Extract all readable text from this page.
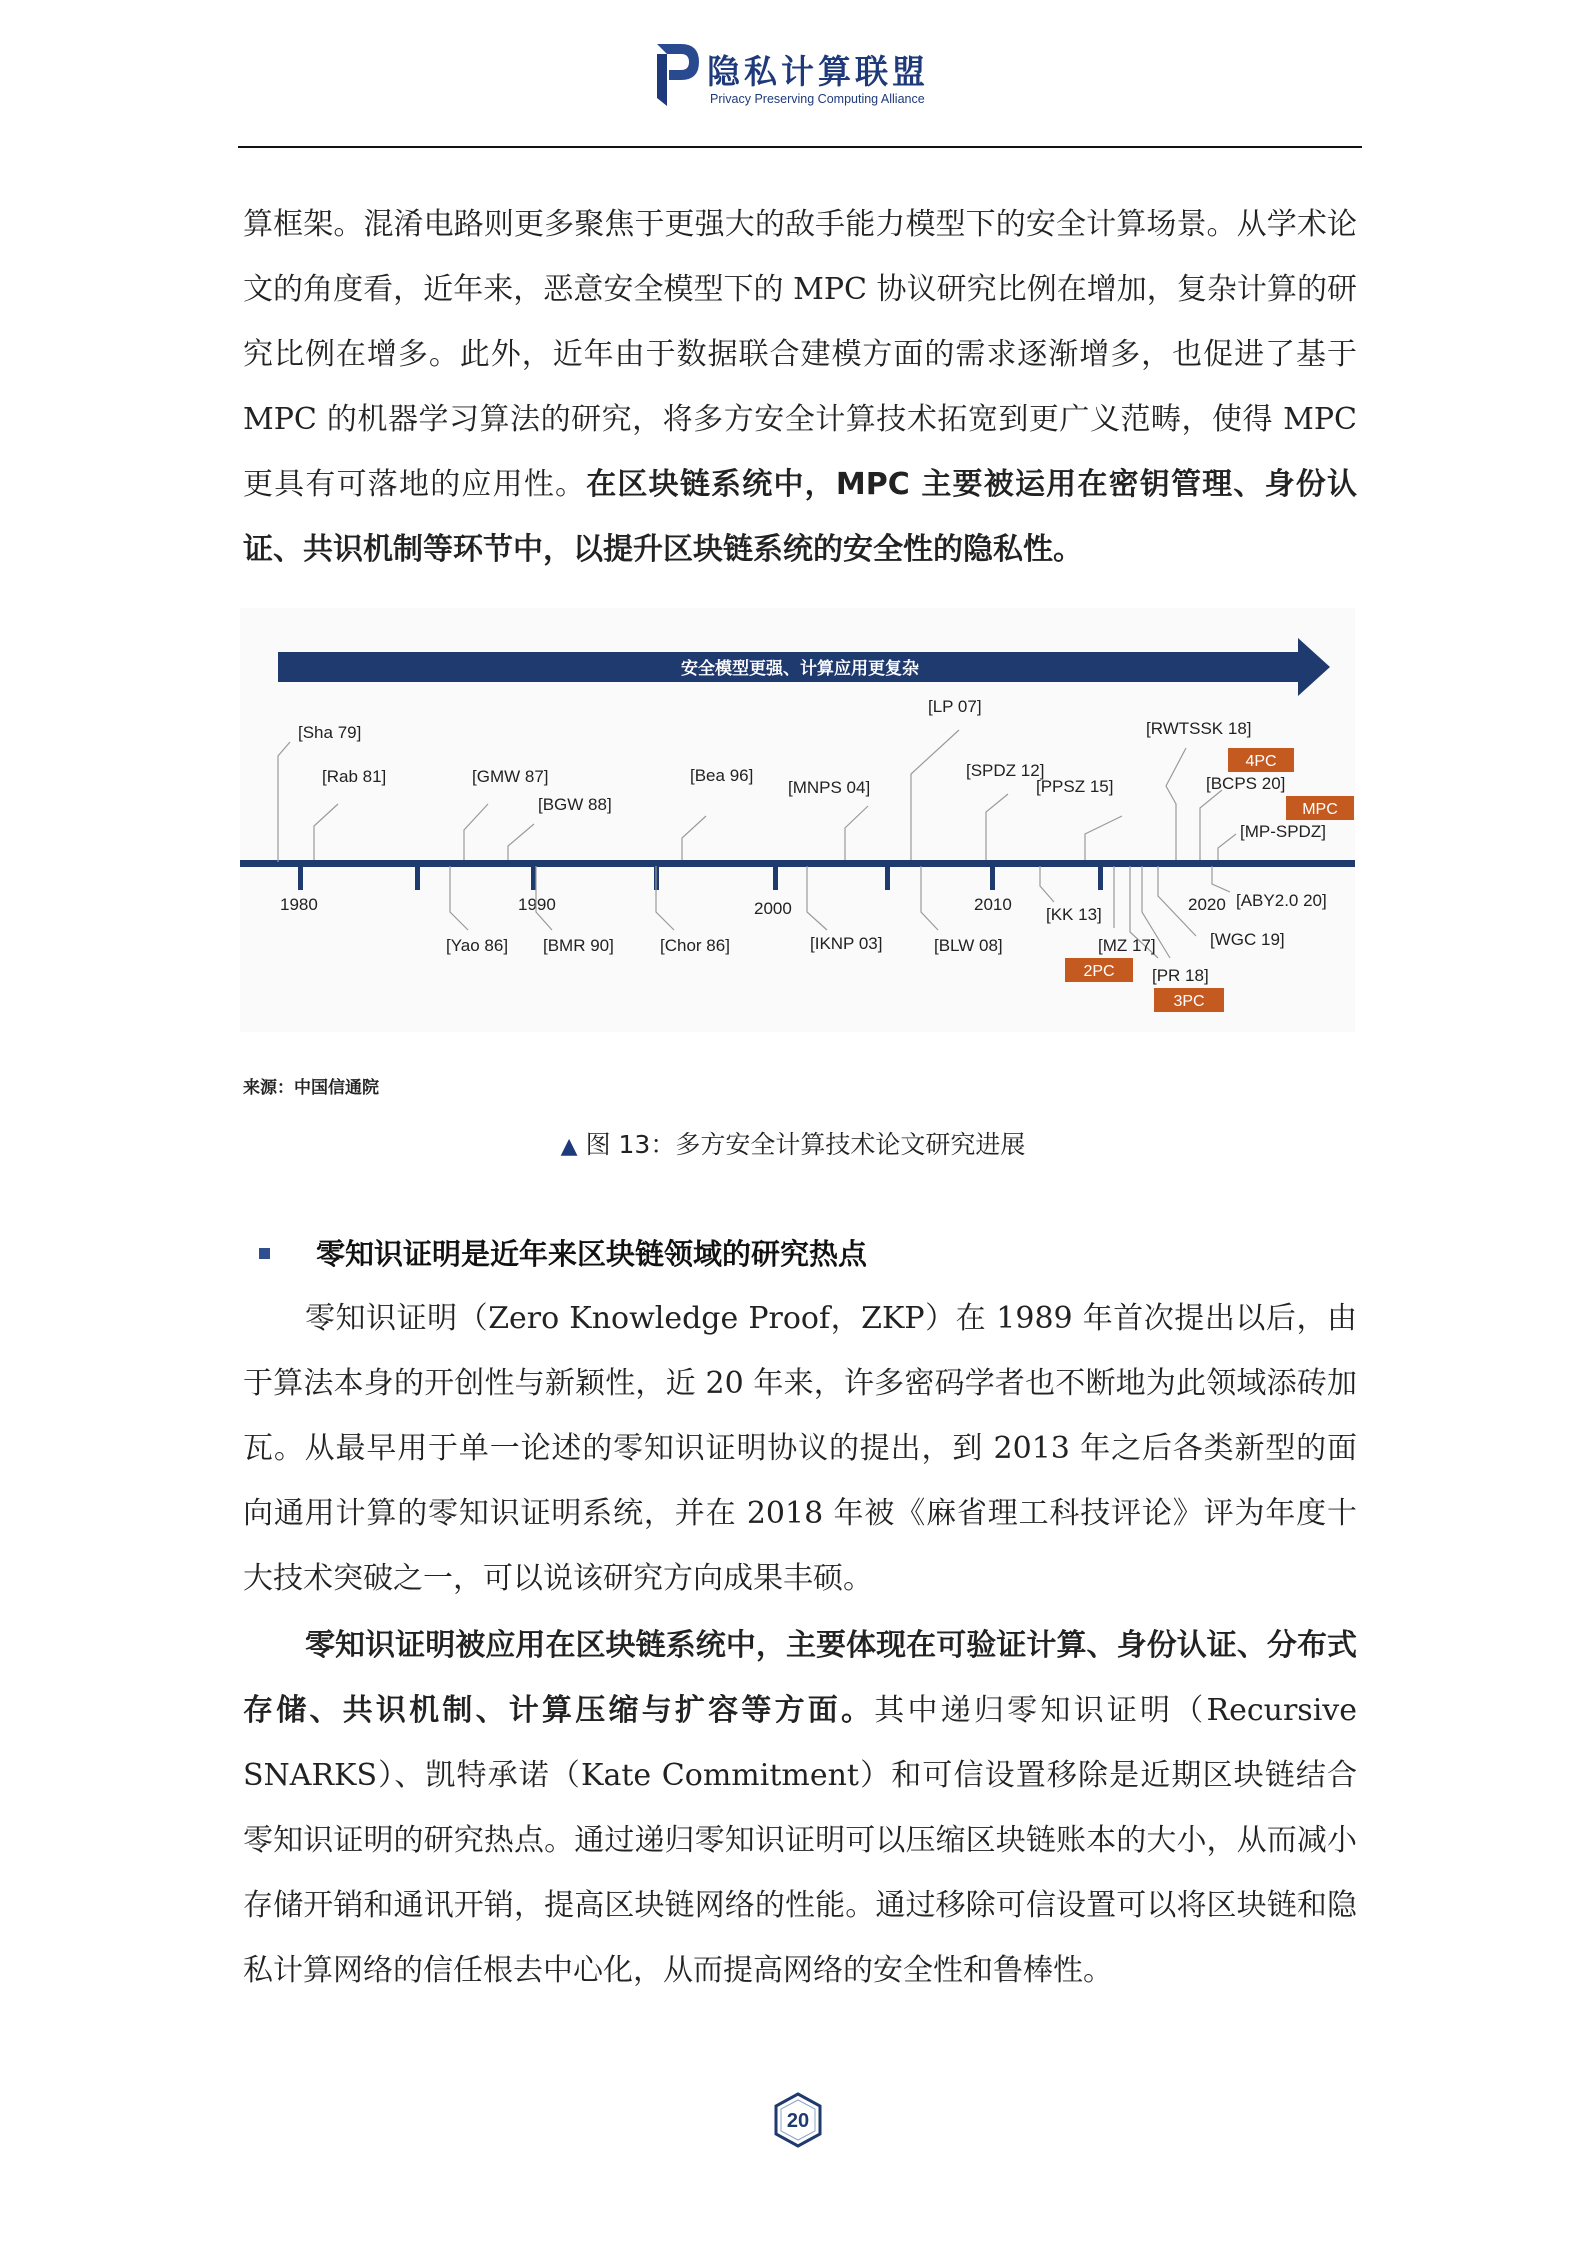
隐私计算联盟
Privacy Preserving Computing Alliance

算框架。混淆电路则更多聚焦于更强大的敌手能力模型下的安全计算场景。从学术论文的角度看，近年来，恶意安全模型下的 MPC 协议研究比例在增加，复杂计算的研究比例在增多。此外，近年由于数据联合建模方面的需求逐渐增多，也促进了基于 MPC 的机器学习算法的研究，将多方安全计算技术拓宽到更广义范畴，使得 MPC 更具有可落地的应用性。在区块链系统中，MPC 主要被运用在密钥管理、身份认证、共识机制等环节中，以提升区块链系统的安全性的隐私性。

安全模型更强、计算应用更复杂
1980	1990	2000	2010	2020
[Sha 79]
[Rab 81]	[GMW 87]
[BGW 88]
[Bea 96]
[MNPS 04]
[LP 07]
[SPDZ 12]
[PPSZ 15]
[RWTSSK 18]
[BCPS 20]
[MP-SPDZ]
[Yao 86] [BMR 90]	[Chor 86]	[IKNP 03]	[BLW 08]
[KK 13]
[MZ 17]
[PR 18]
[WGC 19]
[ABY2.0 20]
4PC
MPC
2PC
3PC
来源：中国信通院
▲ 图 13：多方安全计算技术论文研究进展
零知识证明是近年来区块链领域的研究热点

零知识证明（Zero Knowledge Proof，ZKP）在 1989 年首次提出以后，由于算法本身的开创性与新颖性，近 20 年来，许多密码学者也不断地为此领域添砖加瓦。从最早用于单一论述的零知识证明协议的提出，到 2013 年之后各类新型的面向通用计算的零知识证明系统，并在 2018 年被《麻省理工科技评论》评为年度十大技术突破之一，可以说该研究方向成果丰硕。

零知识证明被应用在区块链系统中，主要体现在可验证计算、身份认证、分布式存储、共识机制、计算压缩与扩容等方面。其中递归零知识证明（Recursive SNARKS）、凯特承诺（Kate Commitment）和可信设置移除是近期区块链结合零知识证明的研究热点。通过递归零知识证明可以压缩区块链账本的大小，从而减小存储开销和通讯开销，提高区块链网络的性能。通过移除可信设置可以将区块链和隐私计算网络的信任根去中心化，从而提高网络的安全性和鲁棒性。

20
